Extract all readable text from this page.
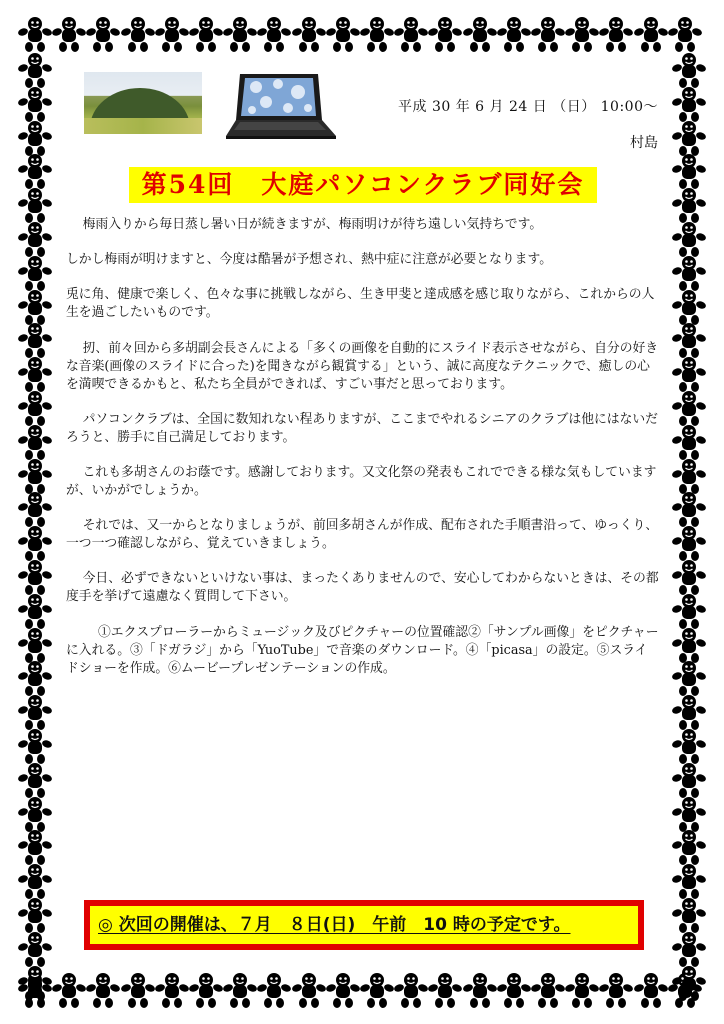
平成 30 年 6 月 24 日 （日） 10:00～
村島
第54回　大庭パソコンクラブ同好会

梅雨入りから毎日蒸し暑い日が続きますが、梅雨明けが待ち遠しい気持ちです。

しかし梅雨が明けますと、今度は酷暑が予想され、熱中症に注意が必要となります。

兎に角、健康で楽しく、色々な事に挑戦しながら、生き甲斐と達成感を感じ取りながら、これからの人生を過ごしたいものです。

扨、前々回から多胡副会長さんによる「多くの画像を自動的にスライド表示させながら、自分の好きな音楽(画像のスライドに合った)を聞きながら観賞する」という、誠に高度なテクニックで、癒しの心を満喫できるかもと、私たち全員ができれば、すごい事だと思っております。

パソコンクラブは、全国に数知れない程ありますが、ここまでやれるシニアのクラブは他にはないだろうと、勝手に自己満足しております。

これも多胡さんのお蔭です。感謝しております。又文化祭の発表もこれでできる様な気もしていますが、いかがでしょうか。

それでは、又一からとなりましょうが、前回多胡さんが作成、配布された手順書沿って、ゆっくり、一つ一つ確認しながら、覚えていきましょう。

今日、必ずできないといけない事は、まったくありませんので、安心してわからないときは、その都度手を挙げて遠慮なく質問して下さい。

①エクスプローラーからミュージック及びピクチャーの位置確認②「サンプル画像」をピクチャーに入れる。③「ドガラジ」から「YuoTube」で音楽のダウンロード。④「picasa」の設定。⑤スライドショーを作成。⑥ムービープレゼンテーションの作成。

◎ 次回の開催は、７月　８日(日)　午前　10 時の予定です。
